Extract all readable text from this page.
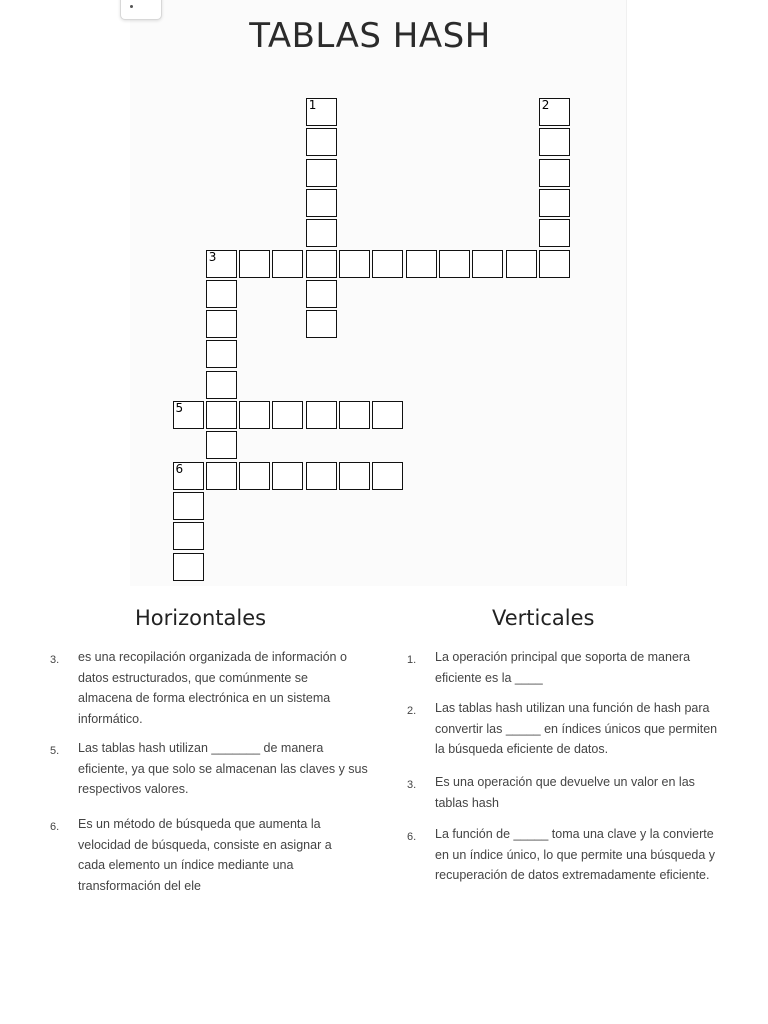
TABLAS HASH
3
1	2
5
6
Horizontales	Verticales
3. es una recopilación organizada de información o datos estructurados, que comúnmente se almacena de forma electrónica en un sistema informático.
5. Las tablas hash utilizan _______ de manera eficiente, ya que solo se almacenan las claves y sus respectivos valores.
6. Es un método de búsqueda que aumenta la velocidad de búsqueda, consiste en asignar a cada elemento un índice mediante una transformación del ele
1. La operación principal que soporta de manera eficiente es la ____
2. Las tablas hash utilizan una función de hash para convertir las _____ en índices únicos que permiten la búsqueda eficiente de datos.
3. Es una operación que devuelve un valor en las tablas hash
6. La función de _____ toma una clave y la convierte en un índice único, lo que permite una búsqueda y recuperación de datos extremadamente eficiente.
